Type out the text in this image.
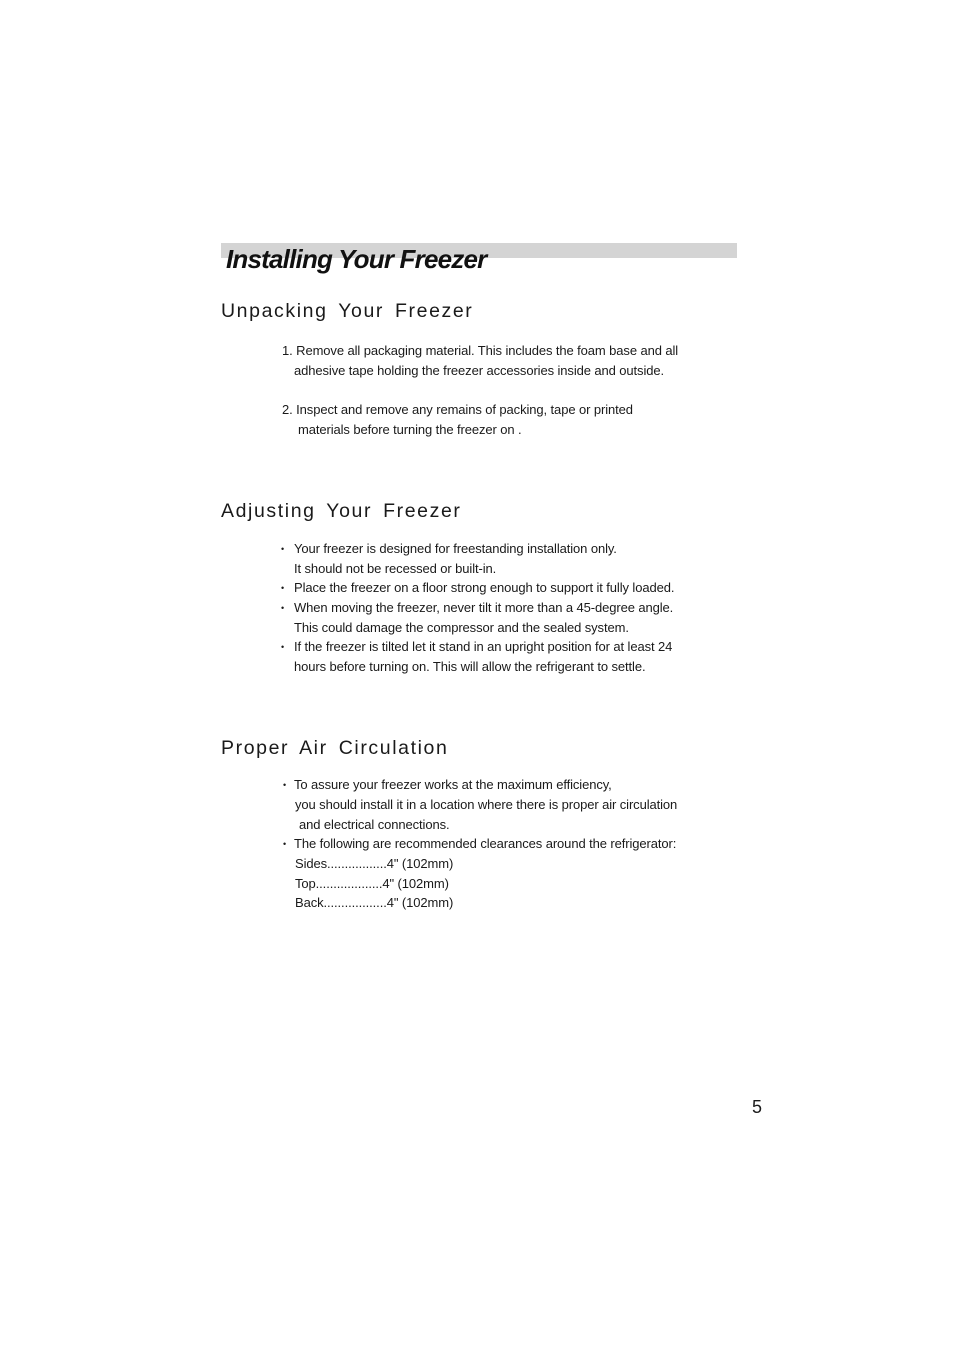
Installing Your Freezer
Unpacking Your Freezer
1. Remove all packaging material. This includes the foam base and all
adhesive tape holding the freezer accessories inside and outside.
2. Inspect and remove any remains of packing, tape or printed
materials before turning the freezer on .
Adjusting Your Freezer
• Your freezer is designed for freestanding installation only.
It should not be recessed or built-in.
• Place the freezer on a floor strong enough to support it fully loaded.
• When moving the freezer, never tilt it more than a 45-degree angle.
This could damage the compressor and the sealed system.
• If the freezer is tilted let it stand in an upright position for at least 24
hours before turning on. This will allow the refrigerant to settle.
Proper Air Circulation
• To assure your freezer works at the maximum efficiency,
you should install it in a location where there is proper air circulation
and electrical connections.
• The following are recommended clearances around the refrigerator:
Sides.................4" (102mm)
Top...................4" (102mm)
Back..................4" (102mm)
5
